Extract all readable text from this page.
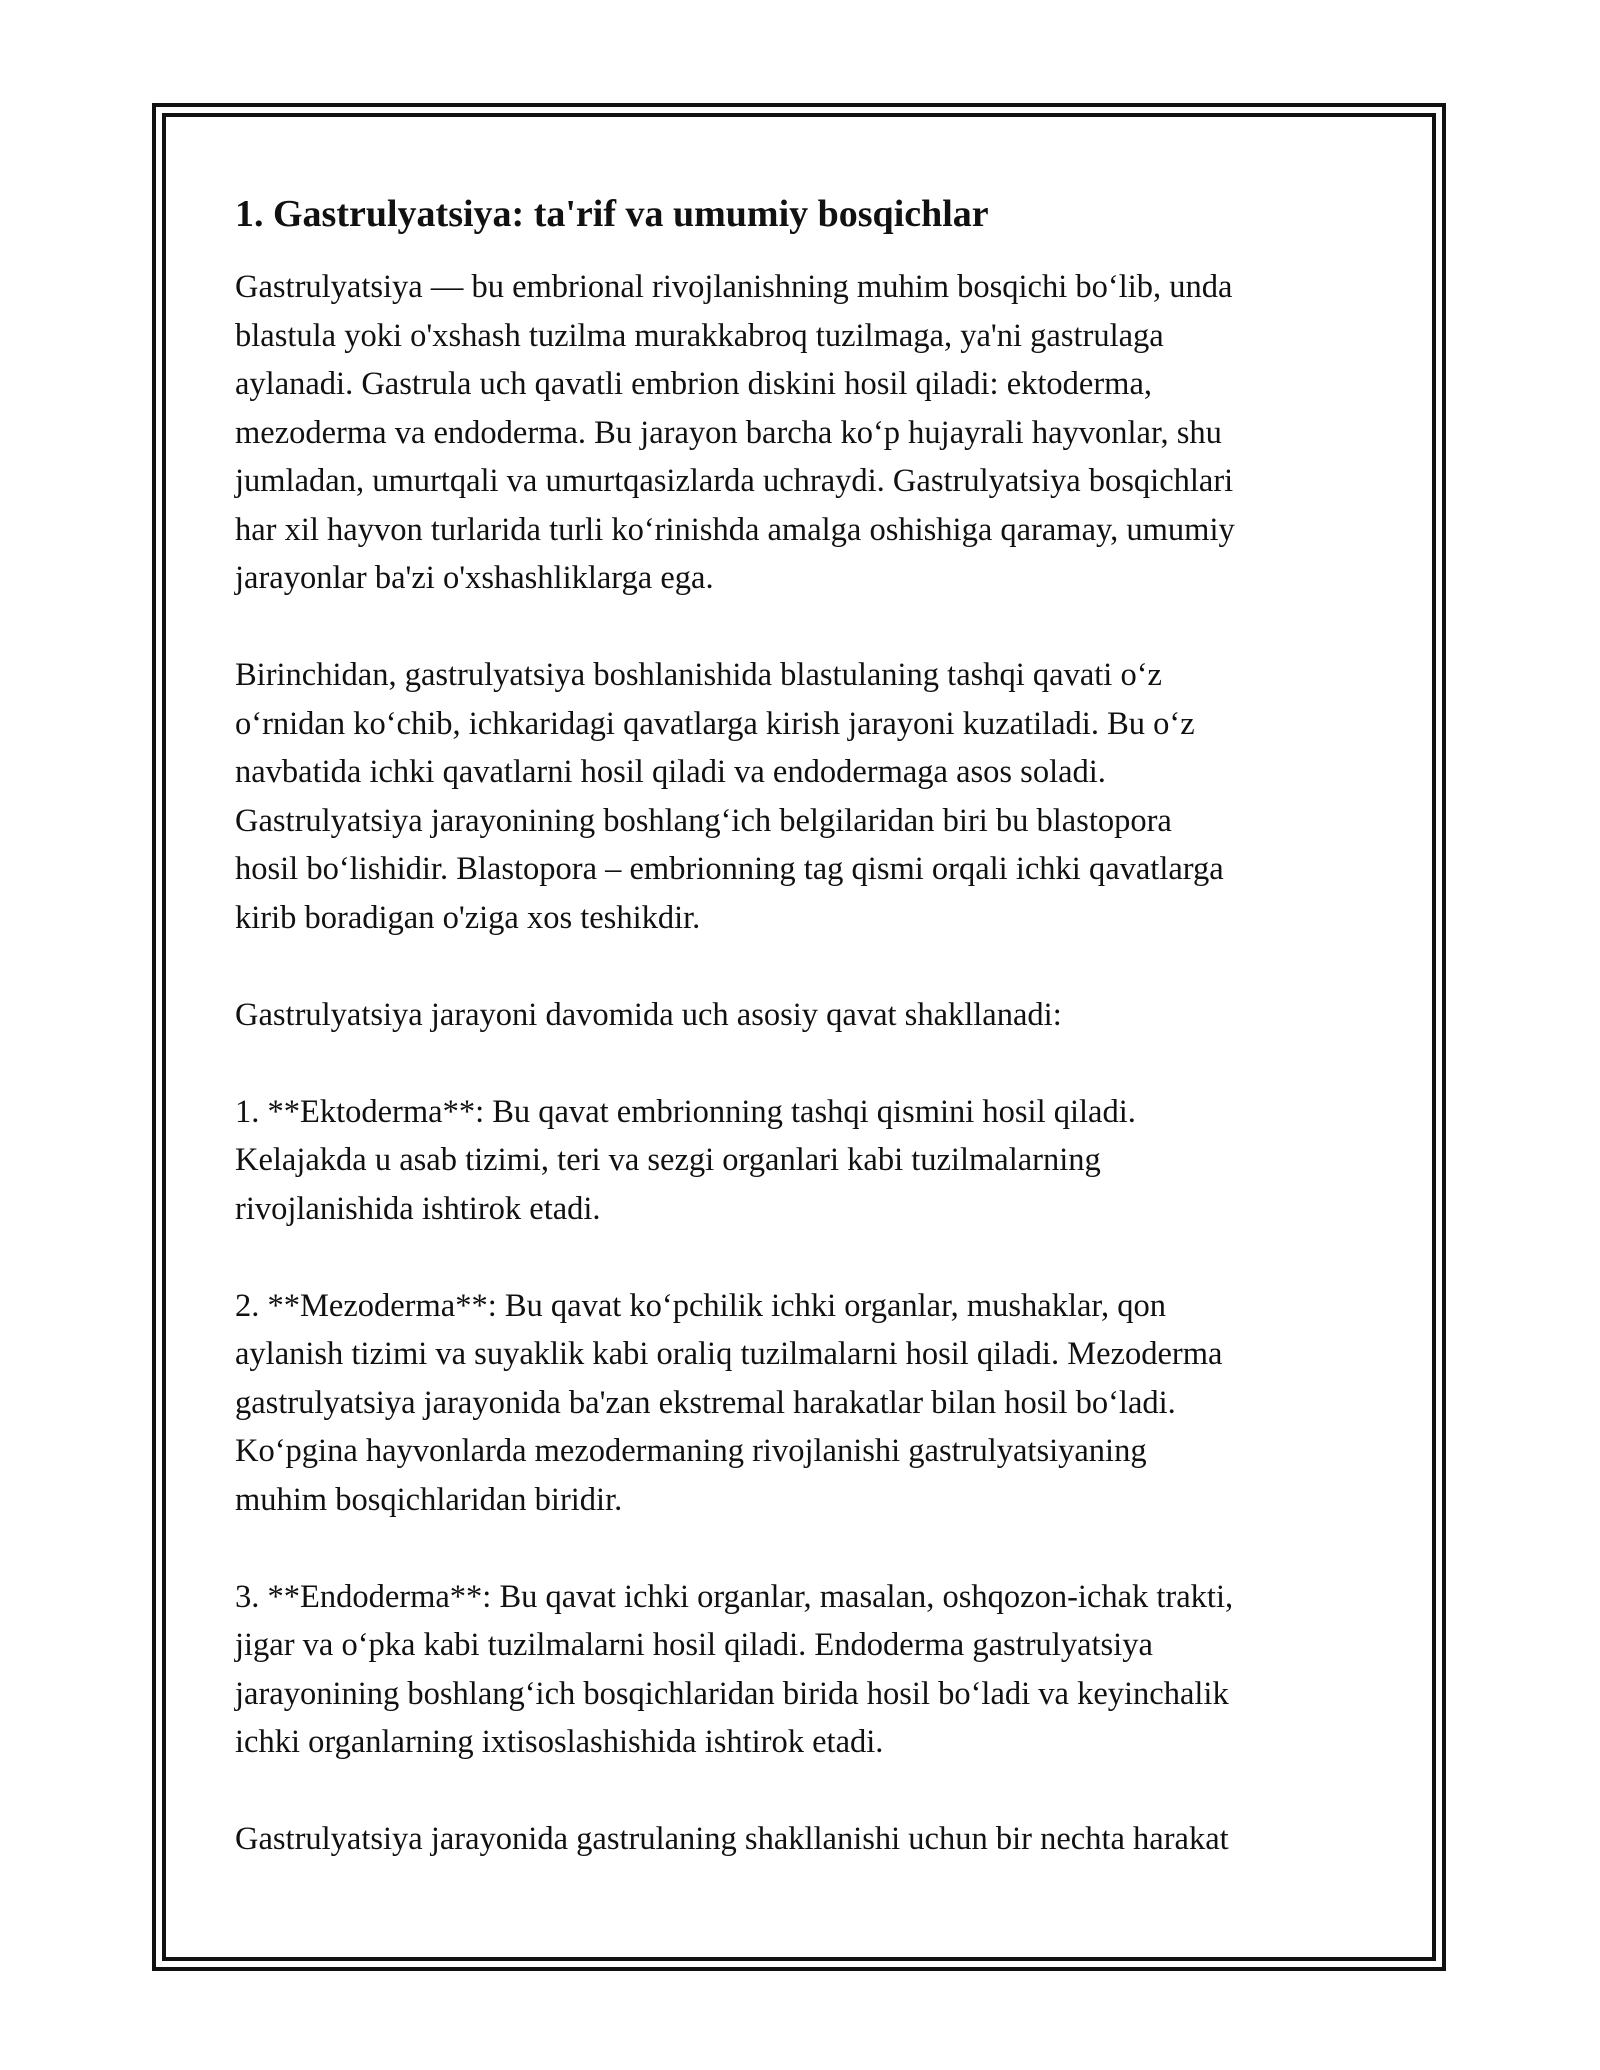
1. Gastrulyatsiya: ta'rif va umumiy bosqichlar

Gastrulyatsiya — bu embrional rivojlanishning muhim bosqichi bo‘lib, unda
blastula yoki o'xshash tuzilma murakkabroq tuzilmaga, ya'ni gastrulaga
aylanadi. Gastrula uch qavatli embrion diskini hosil qiladi: ektoderma,
mezoderma va endoderma. Bu jarayon barcha ko‘p hujayrali hayvonlar, shu
jumladan, umurtqali va umurtqasizlarda uchraydi. Gastrulyatsiya bosqichlari
har xil hayvon turlarida turli ko‘rinishda amalga oshishiga qaramay, umumiy
jarayonlar ba'zi o'xshashliklarga ega.

Birinchidan, gastrulyatsiya boshlanishida blastulaning tashqi qavati o‘z
o‘rnidan ko‘chib, ichkaridagi qavatlarga kirish jarayoni kuzatiladi. Bu o‘z
navbatida ichki qavatlarni hosil qiladi va endodermaga asos soladi.
Gastrulyatsiya jarayonining boshlang‘ich belgilaridan biri bu blastopora
hosil bo‘lishidir. Blastopora – embrionning tag qismi orqali ichki qavatlarga
kirib boradigan o'ziga xos teshikdir.

Gastrulyatsiya jarayoni davomida uch asosiy qavat shakllanadi:

1. **Ektoderma**: Bu qavat embrionning tashqi qismini hosil qiladi.
Kelajakda u asab tizimi, teri va sezgi organlari kabi tuzilmalarning
rivojlanishida ishtirok etadi.

2. **Mezoderma**: Bu qavat ko‘pchilik ichki organlar, mushaklar, qon
aylanish tizimi va suyaklik kabi oraliq tuzilmalarni hosil qiladi. Mezoderma
gastrulyatsiya jarayonida ba'zan ekstremal harakatlar bilan hosil bo‘ladi.
Ko‘pgina hayvonlarda mezodermaning rivojlanishi gastrulyatsiyaning
muhim bosqichlaridan biridir.

3. **Endoderma**: Bu qavat ichki organlar, masalan, oshqozon-ichak trakti,
jigar va o‘pka kabi tuzilmalarni hosil qiladi. Endoderma gastrulyatsiya
jarayonining boshlang‘ich bosqichlaridan birida hosil bo‘ladi va keyinchalik
ichki organlarning ixtisoslashishida ishtirok etadi.

Gastrulyatsiya jarayonida gastrulaning shakllanishi uchun bir nechta harakat
